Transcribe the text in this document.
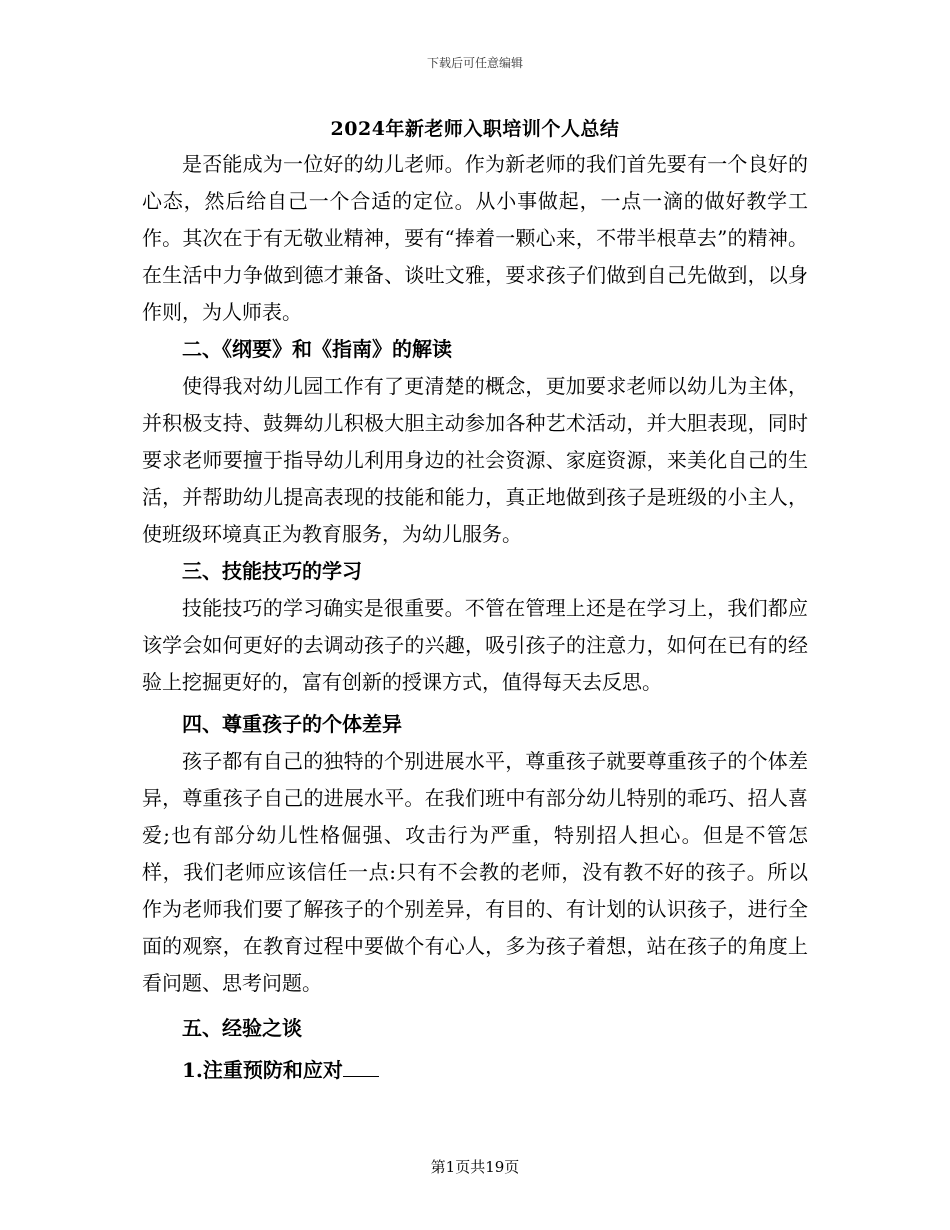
下载后可任意编辑
2024年新老师入职培训个人总结

是否能成为一位好的幼儿老师。作为新老师的我们首先要有一个良好的心态，然后给自己一个合适的定位。从小事做起，一点一滴的做好教学工作。其次在于有无敬业精神，要有“捧着一颗心来，不带半根草去”的精神。在生活中力争做到德才兼备、谈吐文雅，要求孩子们做到自己先做到，以身作则，为人师表。

二、《纲要》和《指南》的解读

使得我对幼儿园工作有了更清楚的概念，更加要求老师以幼儿为主体，并积极支持、鼓舞幼儿积极大胆主动参加各种艺术活动，并大胆表现，同时要求老师要擅于指导幼儿利用身边的社会资源、家庭资源，来美化自己的生活，并帮助幼儿提高表现的技能和能力，真正地做到孩子是班级的小主人，使班级环境真正为教育服务，为幼儿服务。

三、技能技巧的学习

技能技巧的学习确实是很重要。不管在管理上还是在学习上，我们都应该学会如何更好的去调动孩子的兴趣，吸引孩子的注意力，如何在已有的经验上挖掘更好的，富有创新的授课方式，值得每天去反思。

四、尊重孩子的个体差异

孩子都有自己的独特的个别进展水平，尊重孩子就要尊重孩子的个体差异，尊重孩子自己的进展水平。在我们班中有部分幼儿特别的乖巧、招人喜爱;也有部分幼儿性格倔强、攻击行为严重，特别招人担心。但是不管怎样，我们老师应该信任一点:只有不会教的老师，没有教不好的孩子。所以作为老师我们要了解孩子的个别差异，有目的、有计划的认识孩子，进行全面的观察，在教育过程中要做个有心人，多为孩子着想，站在孩子的角度上看问题、思考问题。

五、经验之谈

1.注重预防和应对

第1页共19页
